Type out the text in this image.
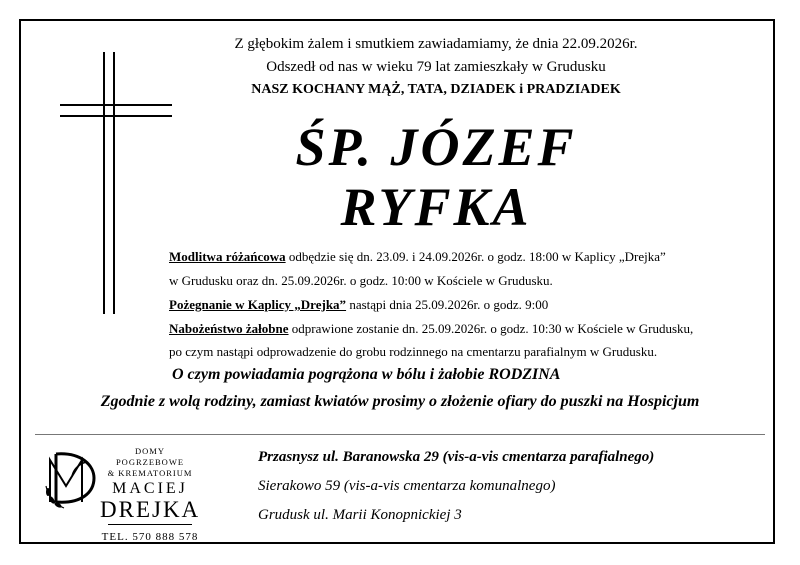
Z głębokim żalem i smutkiem zawiadamiamy, że dnia 22.09.2026r.
Odszedł od nas w wieku 79 lat zamieszkały w Grudusku
NASZ KOCHANY MĄŻ, TATA, DZIADEK i PRADZIADEK
ŚP. JÓZEF
RYFKA
Modlitwa różańcowa odbędzie się dn. 23.09. i 24.09.2026r. o godz. 18:00 w Kaplicy „Drejka”
w Grudusku oraz dn. 25.09.2026r. o godz. 10:00 w Kościele w Grudusku.
Pożegnanie w Kaplicy „Drejka” nastąpi dnia 25.09.2026r. o godz. 9:00
Nabożeństwo żałobne odprawione zostanie dn. 25.09.2026r. o godz. 10:30 w Kościele w Grudusku,
po czym nastąpi odprowadzenie do grobu rodzinnego na cmentarzu parafialnym w Grudusku.
O czym powiadamia pogrążona w bólu i żałobie RODZINA
Zgodnie z wolą rodziny, zamiast kwiatów prosimy o złożenie ofiary do puszki na Hospicjum
DOMY POGRZEBOWE
& KREMATORIUM
MACIEJ
DREJKA
TEL. 570 888 578
Przasnysz ul. Baranowska 29 (vis-a-vis cmentarza parafialnego)
Sierakowo 59 (vis-a-vis cmentarza komunalnego)
Grudusk ul. Marii Konopnickiej 3
